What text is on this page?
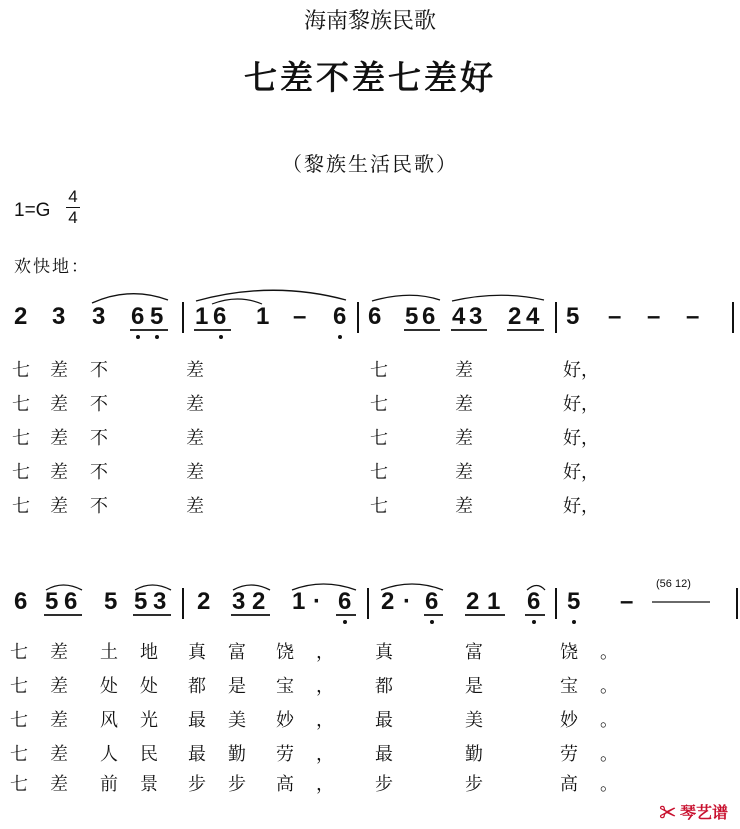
海南黎族民歌
七差不差七差好
（黎族生活民歌）
1=G
4
4
欢快地：
2 3 3 6 5 1 6 1 – 6 6 5 6 4 3 2 4 5 – – –
6 5 6 5 5 3 2 3 2 1 · 6 2 · 6 2 1 6 5 –
(56 12)
七 差 不	差	七	差	好，
七 差 不	差	七	差	好，
七 差 不	差	七	差	好，
七 差 不	差	七	差	好，
七 差 不	差	七	差	好，
七差 土地 真富 饶， 真	富	饶。
七差 处处 都是 宝， 都	是	宝。
七差 风光 最美 妙， 最	美	妙。
七差 人民 最勤 劳， 最	勤	劳。
七差 前景 步步 高， 步	步	高。
✂ 琴艺谱
